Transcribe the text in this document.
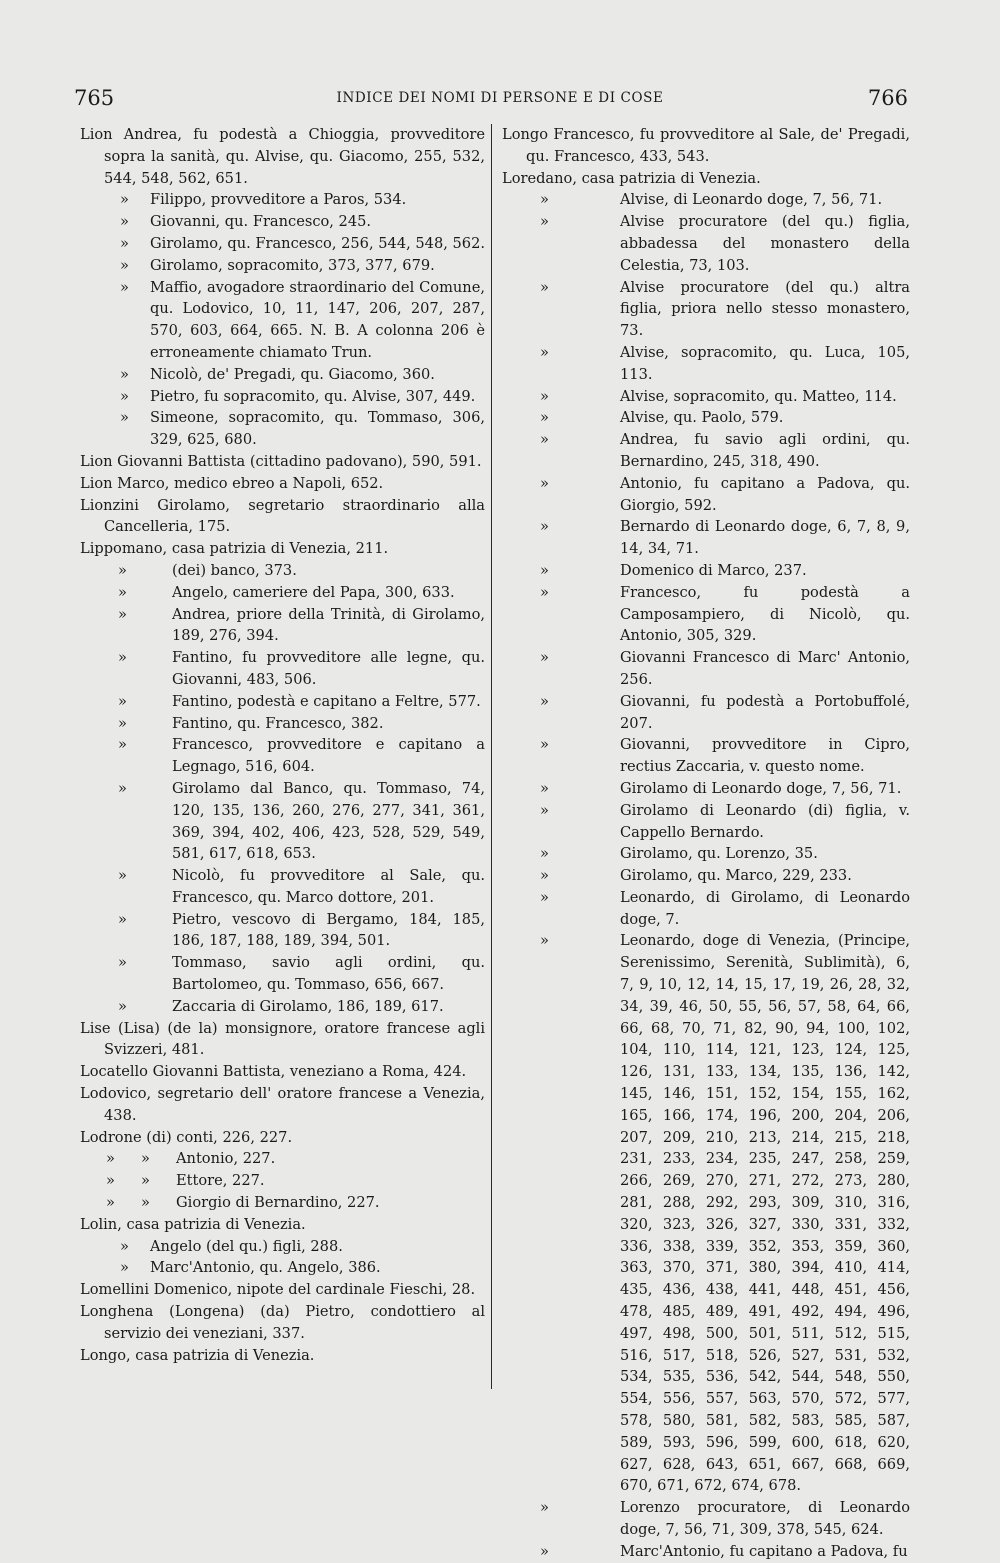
765	INDICE DEI NOMI DI PERSONE E DI COSE	766
Lion Andrea, fu podestà a Chioggia, provveditore sopra la sanità, qu. Alvise, qu. Giacomo, 255, 532, 544, 548, 562, 651.
» Filippo, provveditore a Paros, 534.
» Giovanni, qu. Francesco, 245.
» Girolamo, qu. Francesco, 256, 544, 548, 562.
» Girolamo, sopracomito, 373, 377, 679.
» Maffio, avogadore straordinario del Comune, qu. Lodovico, 10, 11, 147, 206, 207, 287, 570, 603, 664, 665. N. B. A colonna 206 è erroneamente chiamato Trun.
» Nicolò, de' Pregadi, qu. Giacomo, 360.
» Pietro, fu sopracomito, qu. Alvise, 307, 449.
» Simeone, sopracomito, qu. Tommaso, 306, 329, 625, 680.
Lion Giovanni Battista (cittadino padovano), 590, 591.
Lion Marco, medico ebreo a Napoli, 652.
Lionzini Girolamo, segretario straordinario alla Cancelleria, 175.
Lippomano, casa patrizia di Venezia, 211.
»	(dei) banco, 373.
»	Angelo, cameriere del Papa, 300, 633.
»	Andrea, priore della Trinità, di Girolamo, 189, 276, 394.
»	Fantino, fu provveditore alle legne, qu. Giovanni, 483, 506.
»	Fantino, podestà e capitano a Feltre, 577.
»	Fantino, qu. Francesco, 382.
»	Francesco, provveditore e capitano a Legnago, 516, 604.
»	Girolamo dal Banco, qu. Tommaso, 74, 120, 135, 136, 260, 276, 277, 341, 361, 369, 394, 402, 406, 423, 528, 529, 549, 581, 617, 618, 653.
»	Nicolò, fu provveditore al Sale, qu. Francesco, qu. Marco dottore, 201.
»	Pietro, vescovo di Bergamo, 184, 185, 186, 187, 188, 189, 394, 501.
»	Tommaso, savio agli ordini, qu. Bartolomeo, qu. Tommaso, 656, 667.
»	Zaccaria di Girolamo, 186, 189, 617.
Lise (Lisa) (de la) monsignore, oratore francese agli Svizzeri, 481.
Locatello Giovanni Battista, veneziano a Roma, 424.
Lodovico, segretario dell' oratore francese a Venezia, 438.
Lodrone (di) conti, 226, 227.
» » Antonio, 227.
» » Ettore, 227.
» » Giorgio di Bernardino, 227.
Lolin, casa patrizia di Venezia.
» Angelo (del qu.) figli, 288.
» Marc'Antonio, qu. Angelo, 386.
Lomellini Domenico, nipote del cardinale Fieschi, 28.
Longhena (Longena) (da) Pietro, condottiero al servizio dei veneziani, 337.
Longo, casa patrizia di Venezia.
Longo Francesco, fu provveditore al Sale, de' Pregadi, qu. Francesco, 433, 543.
Loredano, casa patrizia di Venezia.
»	Alvise, di Leonardo doge, 7, 56, 71.
»	Alvise procuratore (del qu.) figlia, abbadessa del monastero della Celestia, 73, 103.
»	Alvise procuratore (del qu.) altra figlia, priora nello stesso monastero, 73.
»	Alvise, sopracomito, qu. Luca, 105, 113.
»	Alvise, sopracomito, qu. Matteo, 114.
»	Alvise, qu. Paolo, 579.
»	Andrea, fu savio agli ordini, qu. Bernardino, 245, 318, 490.
»	Antonio, fu capitano a Padova, qu. Giorgio, 592.
»	Bernardo di Leonardo doge, 6, 7, 8, 9, 14, 34, 71.
»	Domenico di Marco, 237.
»	Francesco, fu podestà a Camposampiero, di Nicolò, qu. Antonio, 305, 329.
»	Giovanni Francesco di Marc' Antonio, 256.
»	Giovanni, fu podestà a Portobuffolé, 207.
»	Giovanni, provveditore in Cipro, rectius Zaccaria, v. questo nome.
»	Girolamo di Leonardo doge, 7, 56, 71.
»	Girolamo di Leonardo (di) figlia, v. Cappello Bernardo.
»	Girolamo, qu. Lorenzo, 35.
»	Girolamo, qu. Marco, 229, 233.
»	Leonardo, di Girolamo, di Leonardo doge, 7.
»	Leonardo, doge di Venezia, (Principe, Serenissimo, Serenità, Sublimità), 6, 7, 9, 10, 12, 14, 15, 17, 19, 26, 28, 32, 34, 39, 46, 50, 55, 56, 57, 58, 64, 66, 66, 68, 70, 71, 82, 90, 94, 100, 102, 104, 110, 114, 121, 123, 124, 125, 126, 131, 133, 134, 135, 136, 142, 145, 146, 151, 152, 154, 155, 162, 165, 166, 174, 196, 200, 204, 206, 207, 209, 210, 213, 214, 215, 218, 231, 233, 234, 235, 247, 258, 259, 266, 269, 270, 271, 272, 273, 280, 281, 288, 292, 293, 309, 310, 316, 320, 323, 326, 327, 330, 331, 332, 336, 338, 339, 352, 353, 359, 360, 363, 370, 371, 380, 394, 410, 414, 435, 436, 438, 441, 448, 451, 456, 478, 485, 489, 491, 492, 494, 496, 497, 498, 500, 501, 511, 512, 515, 516, 517, 518, 526, 527, 531, 532, 534, 535, 536, 542, 544, 548, 550, 554, 556, 557, 563, 570, 572, 577, 578, 580, 581, 582, 583, 585, 587, 589, 593, 596, 599, 600, 618, 620, 627, 628, 643, 651, 667, 668, 669, 670, 671, 672, 674, 678.
»	Lorenzo procuratore, di Leonardo doge, 7, 56, 71, 309, 378, 545, 624.
»	Marc'Antonio, fu capitano a Padova, fu
